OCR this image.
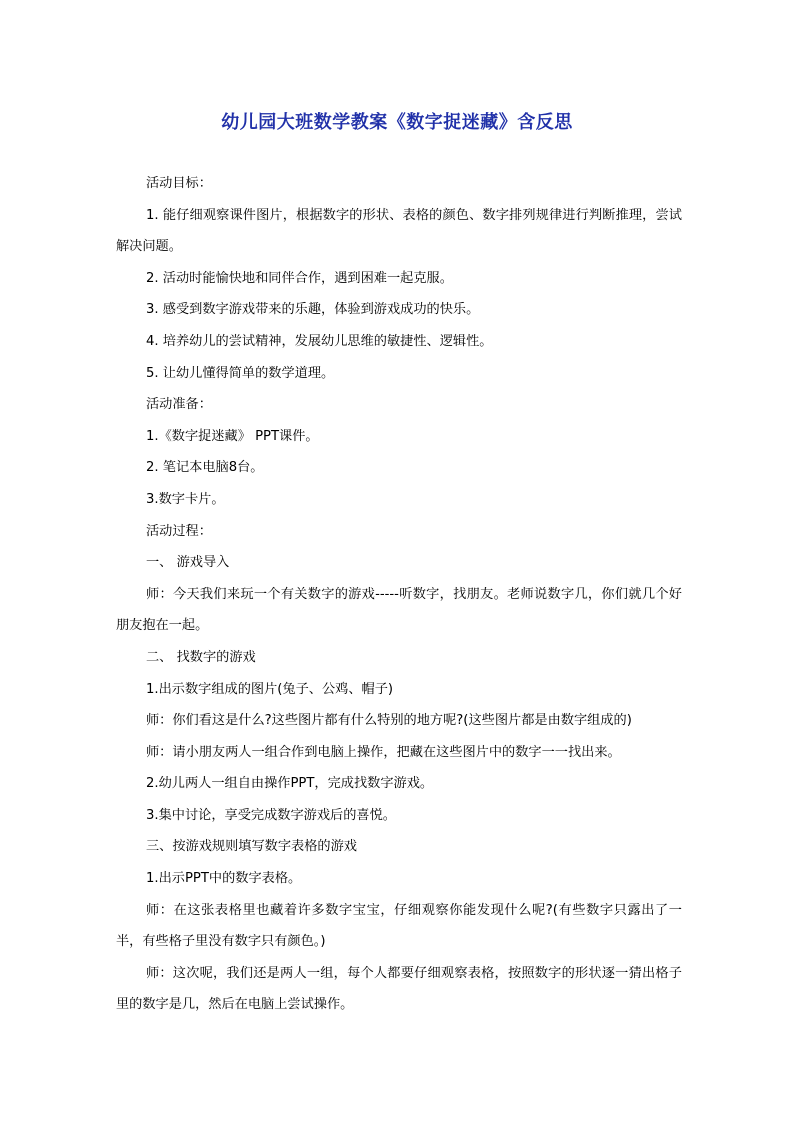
幼儿园大班数学教案《数字捉迷藏》含反思

活动目标：

1. 能仔细观察课件图片，根据数字的形状、表格的颜色、数字排列规律进行判断推理，尝试解决问题。

2. 活动时能愉快地和同伴合作，遇到困难一起克服。

3. 感受到数字游戏带来的乐趣，体验到游戏成功的快乐。

4. 培养幼儿的尝试精神，发展幼儿思维的敏捷性、逻辑性。

5. 让幼儿懂得简单的数学道理。

活动准备：

1.《数字捉迷藏》 PPT课件。

2. 笔记本电脑8台。

3.数字卡片。

活动过程：

一、 游戏导入

师：今天我们来玩一个有关数字的游戏-----听数字，找朋友。老师说数字几，你们就几个好朋友抱在一起。

二、 找数字的游戏

1.出示数字组成的图片(兔子、公鸡、帽子)

师：你们看这是什么?这些图片都有什么特别的地方呢?(这些图片都是由数字组成的)

师：请小朋友两人一组合作到电脑上操作，把藏在这些图片中的数字一一找出来。

2.幼儿两人一组自由操作PPT，完成找数字游戏。

3.集中讨论，享受完成数字游戏后的喜悦。

三、按游戏规则填写数字表格的游戏

1.出示PPT中的数字表格。

师：在这张表格里也藏着许多数字宝宝，仔细观察你能发现什么呢?(有些数字只露出了一半，有些格子里没有数字只有颜色。)

师：这次呢，我们还是两人一组，每个人都要仔细观察表格，按照数字的形状逐一猜出格子里的数字是几，然后在电脑上尝试操作。
